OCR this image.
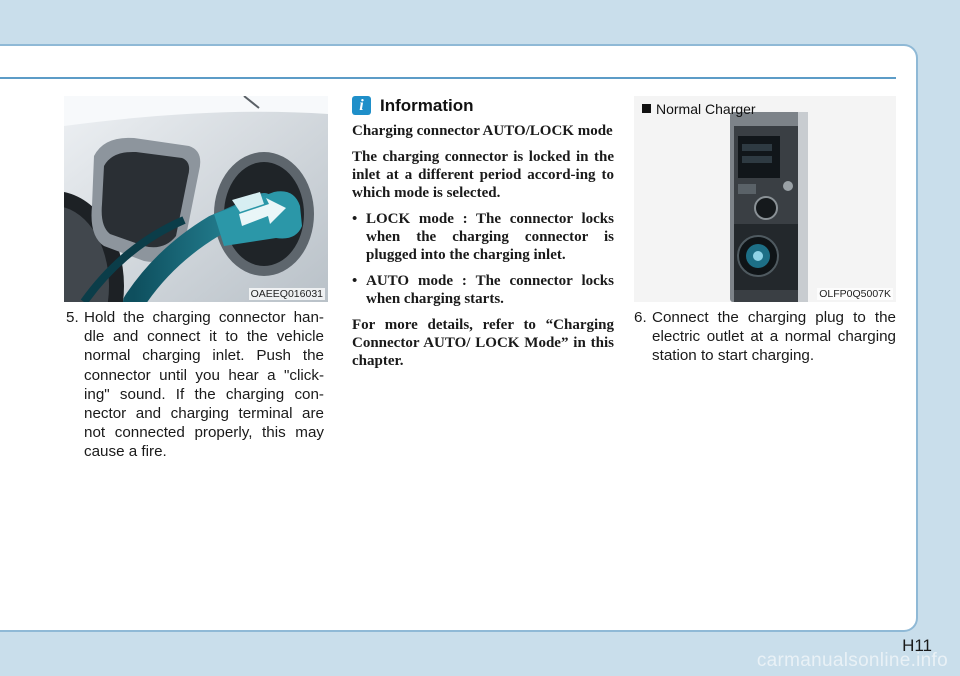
OAEEQ016031
5. Hold the charging connector han-dle and connect it to the vehicle normal charging inlet. Push the connector until you hear a "click-ing" sound. If the charging con-nector and charging terminal are not connected properly, this may cause a fire.
i Information

Charging connector AUTO/LOCK mode

The charging connector is locked in the inlet at a different period accord-ing to which mode is selected.

• LOCK mode : The connector locks when the charging connector is plugged into the charging inlet.
• AUTO mode : The connector locks when charging starts.

For more details, refer to “Charging Connector AUTO/ LOCK Mode” in this chapter.

Normal Charger
OLFP0Q5007K
6. Connect the charging plug to the electric outlet at a normal charging station to start charging.
H11
carmanualsonline.info
